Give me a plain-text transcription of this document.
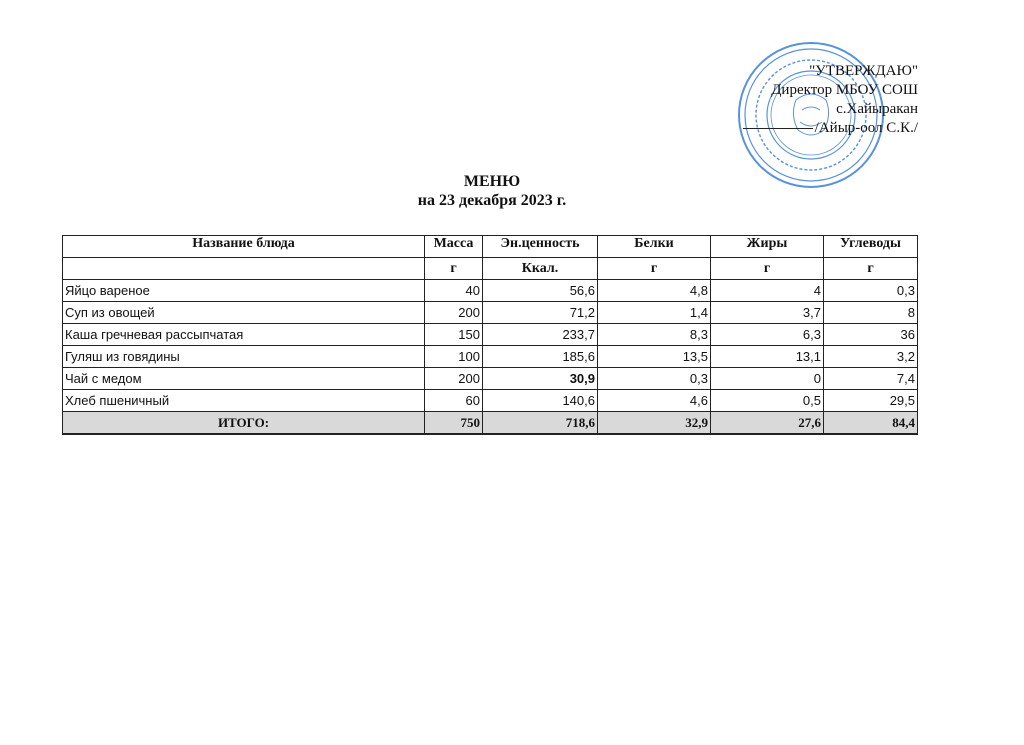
"УТВЕРЖДАЮ"
Директор МБОУ СОШ
с.Хайыракан
/Айыр-оол С.К./
МЕНЮ
на 23 декабря 2023 г.
Название блюда	Масса	Эн.ценность	Белки	Жиры	Углеводы
	г	Ккал.	г	г	г
Яйцо вареное	40	56,6	4,8	4	0,3
Суп из овощей	200	71,2	1,4	3,7	8
Каша гречневая рассыпчатая	150	233,7	8,3	6,3	36
Гуляш из говядины	100	185,6	13,5	13,1	3,2
Чай с медом	200	30,9	0,3	0	7,4
Хлеб пшеничный	60	140,6	4,6	0,5	29,5
ИТОГО:	750	718,6	32,9	27,6	84,4
